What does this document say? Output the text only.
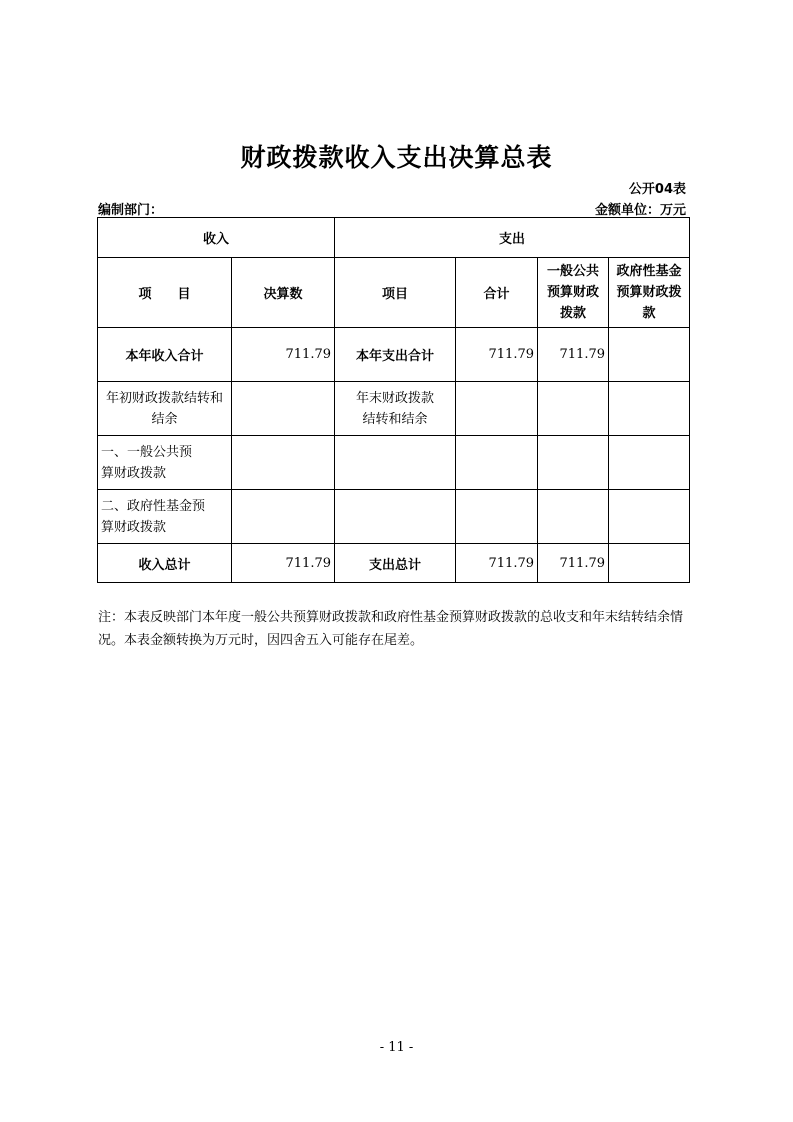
财政拨款收入支出决算总表
公开04表
编制部门：	金额单位：万元
收入		支出			
项　　目	决算数	项目	合计	一般公共预算财政拨款	政府性基金预算财政拨款
本年收入合计	711.79	本年支出合计	711.79	711.79	
年初财政拨款结转和结余		年末财政拨款结转和结余			
一、一般公共预算财政拨款					
二、政府性基金预算财政拨款					
收入总计	711.79	支出总计	711.79	711.79	
注：本表反映部门本年度一般公共预算财政拨款和政府性基金预算财政拨款的总收支和年末结转结余情况。本表金额转换为万元时，因四舍五入可能存在尾差。
- 11 -
